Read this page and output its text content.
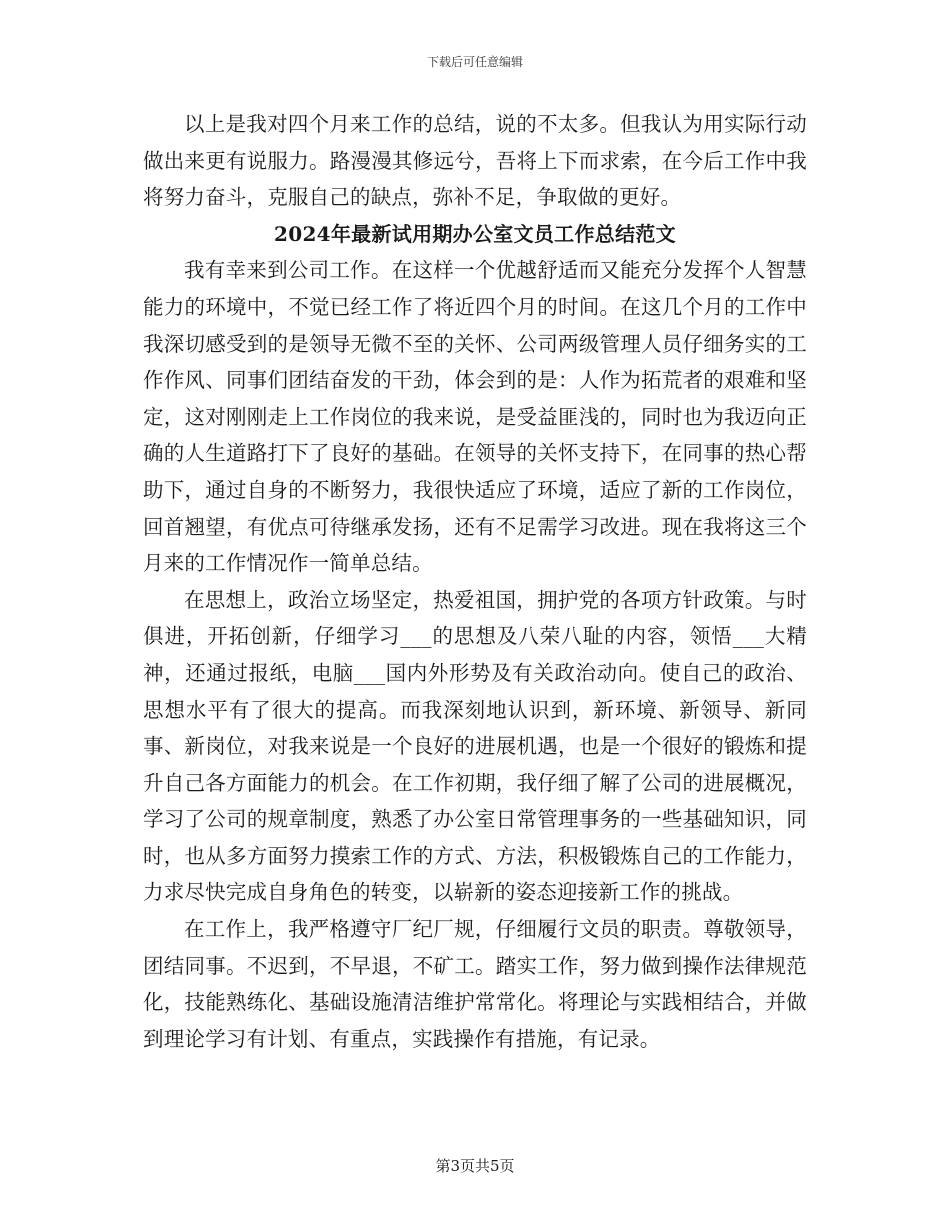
下载后可任意编辑

以上是我对四个月来工作的总结，说的不太多。但我认为用实际行动做出来更有说服力。路漫漫其修远兮，吾将上下而求索，在今后工作中我将努力奋斗，克服自己的缺点，弥补不足，争取做的更好。

2024年最新试用期办公室文员工作总结范文

我有幸来到公司工作。在这样一个优越舒适而又能充分发挥个人智慧能力的环境中，不觉已经工作了将近四个月的时间。在这几个月的工作中我深切感受到的是领导无微不至的关怀、公司两级管理人员仔细务实的工作作风、同事们团结奋发的干劲，体会到的是：人作为拓荒者的艰难和坚定，这对刚刚走上工作岗位的我来说，是受益匪浅的，同时也为我迈向正确的人生道路打下了良好的基础。在领导的关怀支持下，在同事的热心帮助下，通过自身的不断努力，我很快适应了环境，适应了新的工作岗位，回首翘望，有优点可待继承发扬，还有不足需学习改进。现在我将这三个月来的工作情况作一简单总结。

在思想上，政治立场坚定，热爱祖国，拥护党的各项方针政策。与时俱进，开拓创新，仔细学习___的思想及八荣八耻的内容，领悟___大精神，还通过报纸，电脑___国内外形势及有关政治动向。使自己的政治、思想水平有了很大的提高。而我深刻地认识到，新环境、新领导、新同事、新岗位，对我来说是一个良好的进展机遇，也是一个很好的锻炼和提升自己各方面能力的机会。在工作初期，我仔细了解了公司的进展概况，学习了公司的规章制度，熟悉了办公室日常管理事务的一些基础知识，同时，也从多方面努力摸索工作的方式、方法，积极锻炼自己的工作能力，力求尽快完成自身角色的转变，以崭新的姿态迎接新工作的挑战。

在工作上，我严格遵守厂纪厂规，仔细履行文员的职责。尊敬领导，团结同事。不迟到，不早退，不矿工。踏实工作，努力做到操作法律规范化，技能熟练化、基础设施清洁维护常常化。将理论与实践相结合，并做到理论学习有计划、有重点，实践操作有措施，有记录。

第3页共5页
